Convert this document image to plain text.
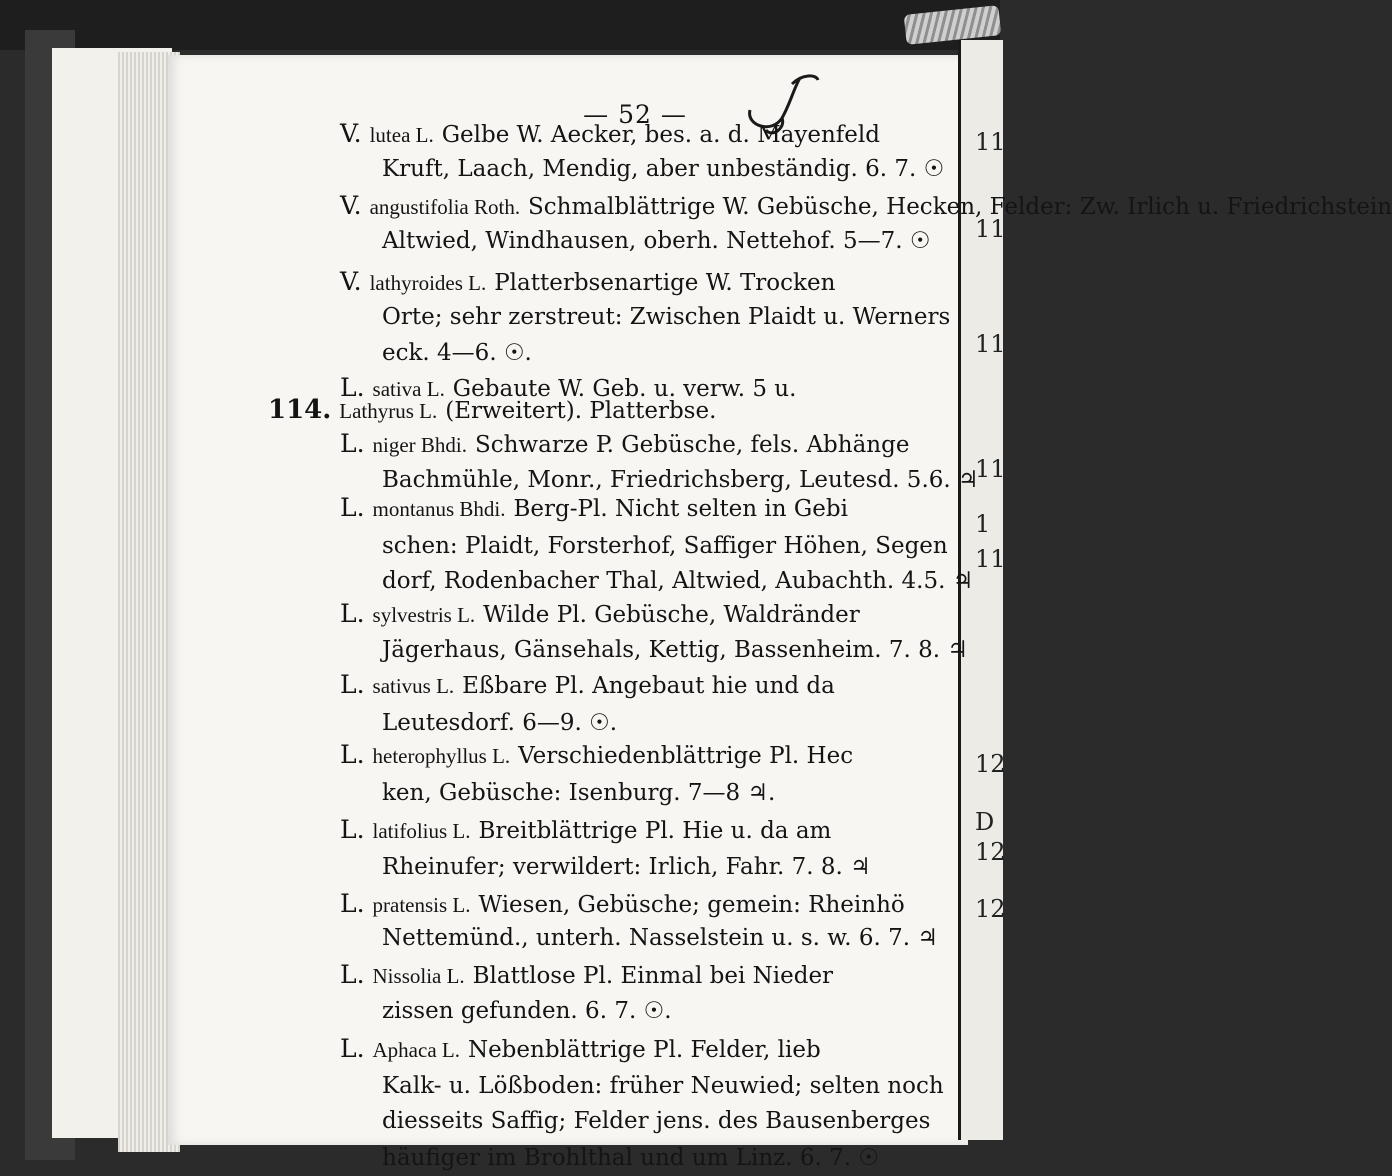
11
11
11
11
1
11
12
D
12
12
— 52 —
V. lutea L. Gelbe W. Aecker, bes. a. d. Mayenfeld
Kruft, Laach, Mendig, aber unbeständig. 6. 7. ☉
V. angustifolia Roth. Schmalblättrige W. Gebüsche, Hecken, Felder: Zw. Irlich u. Friedrichstein
Altwied, Windhausen, oberh. Nettehof. 5—7. ☉
V. lathyroides L. Platterbsenartige W. Trocken
Orte; sehr zerstreut: Zwischen Plaidt u. Werners
eck. 4—6. ☉.
L. sativa L. Gebaute W. Geb. u. verw. 5 u.
114. Lathyrus L. (Erweitert). Platterbse.
L. niger Bhdi. Schwarze P. Gebüsche, fels. Abhänge
Bachmühle, Monr., Friedrichsberg, Leutesd. 5.6. ♃
L. montanus Bhdi. Berg-Pl. Nicht selten in Gebi
schen: Plaidt, Forsterhof, Saffiger Höhen, Segen
dorf, Rodenbacher Thal, Altwied, Aubachth. 4.5. ♃
L. sylvestris L. Wilde Pl. Gebüsche, Waldränder
Jägerhaus, Gänsehals, Kettig, Bassenheim. 7. 8. ♃
L. sativus L. Eßbare Pl. Angebaut hie und da
Leutesdorf. 6—9. ☉.
L. heterophyllus L. Verschiedenblättrige Pl. Hec
ken, Gebüsche: Isenburg. 7—8 ♃.
L. latifolius L. Breitblättrige Pl. Hie u. da am
Rheinufer; verwildert: Irlich, Fahr. 7. 8. ♃
L. pratensis L. Wiesen, Gebüsche; gemein: Rheinhö
Nettemünd., unterh. Nasselstein u. s. w. 6. 7. ♃
L. Nissolia L. Blattlose Pl. Einmal bei Nieder
zissen gefunden. 6. 7. ☉.
L. Aphaca L. Nebenblättrige Pl. Felder, lieb
Kalk- u. Lößboden: früher Neuwied; selten noch
diesseits Saffig; Felder jens. des Bausenberges
häufiger im Brohlthal und um Linz. 6. 7. ☉
